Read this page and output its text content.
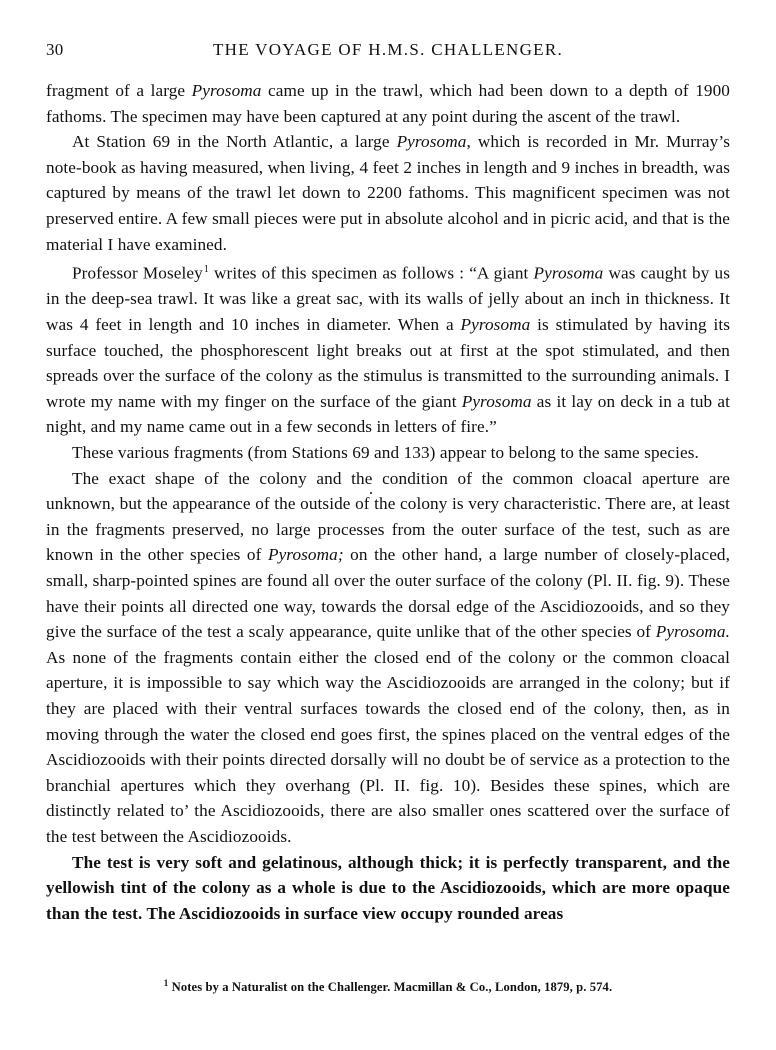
30	THE VOYAGE OF H.M.S. CHALLENGER.

fragment of a large Pyrosoma came up in the trawl, which had been down to a depth of 1900 fathoms. The specimen may have been captured at any point during the ascent of the trawl.

At Station 69 in the North Atlantic, a large Pyrosoma, which is recorded in Mr. Murray’s note-book as having measured, when living, 4 feet 2 inches in length and 9 inches in breadth, was captured by means of the trawl let down to 2200 fathoms. This magnificent specimen was not preserved entire. A few small pieces were put in absolute alcohol and in picric acid, and that is the material I have examined.

Professor Moseley$^1$ writes of this specimen as follows : “A giant Pyrosoma was caught by us in the deep-sea trawl. It was like a great sac, with its walls of jelly about an inch in thickness. It was 4 feet in length and 10 inches in diameter. When a Pyrosoma is stimulated by having its surface touched, the phosphorescent light breaks out at first at the spot stimulated, and then spreads over the surface of the colony as the stimulus is transmitted to the surrounding animals. I wrote my name with my finger on the surface of the giant Pyrosoma as it lay on deck in a tub at night, and my name came out in a few seconds in letters of fire.”

These various fragments (from Stations 69 and 133) appear to belong to the same species.

The exact shape of the colony and the condition of the common cloacal aperture are unknown, but the appearance of the outside of the colony is very characteristic. There are, at least in the fragments preserved, no large processes from the outer surface of the test, such as are known in the other species of Pyrosoma; on the other hand, a large number of closely-placed, small, sharp-pointed spines are found all over the outer surface of the colony (Pl. II. fig. 9). These have their points all directed one way, towards the dorsal edge of the Ascidiozooids, and so they give the surface of the test a scaly appearance, quite unlike that of the other species of Pyrosoma. As none of the fragments contain either the closed end of the colony or the common cloacal aperture, it is impossible to say which way the Ascidiozooids are arranged in the colony; but if they are placed with their ventral surfaces towards the closed end of the colony, then, as in moving through the water the closed end goes first, the spines placed on the ventral edges of the Ascidiozooids with their points directed dorsally will no doubt be of service as a protection to the branchial apertures which they overhang (Pl. II. fig. 10). Besides these spines, which are distinctly related to’ the Ascidiozooids, there are also smaller ones scattered over the surface of the test between the Ascidiozooids.

The test is very soft and gelatinous, although thick; it is perfectly transparent, and the yellowish tint of the colony as a whole is due to the Ascidiozooids, which are more opaque than the test. The Ascidiozooids in surface view occupy rounded areas

$^1$ Notes by a Naturalist on the Challenger. Macmillan & Co., London, 1879, p. 574.
